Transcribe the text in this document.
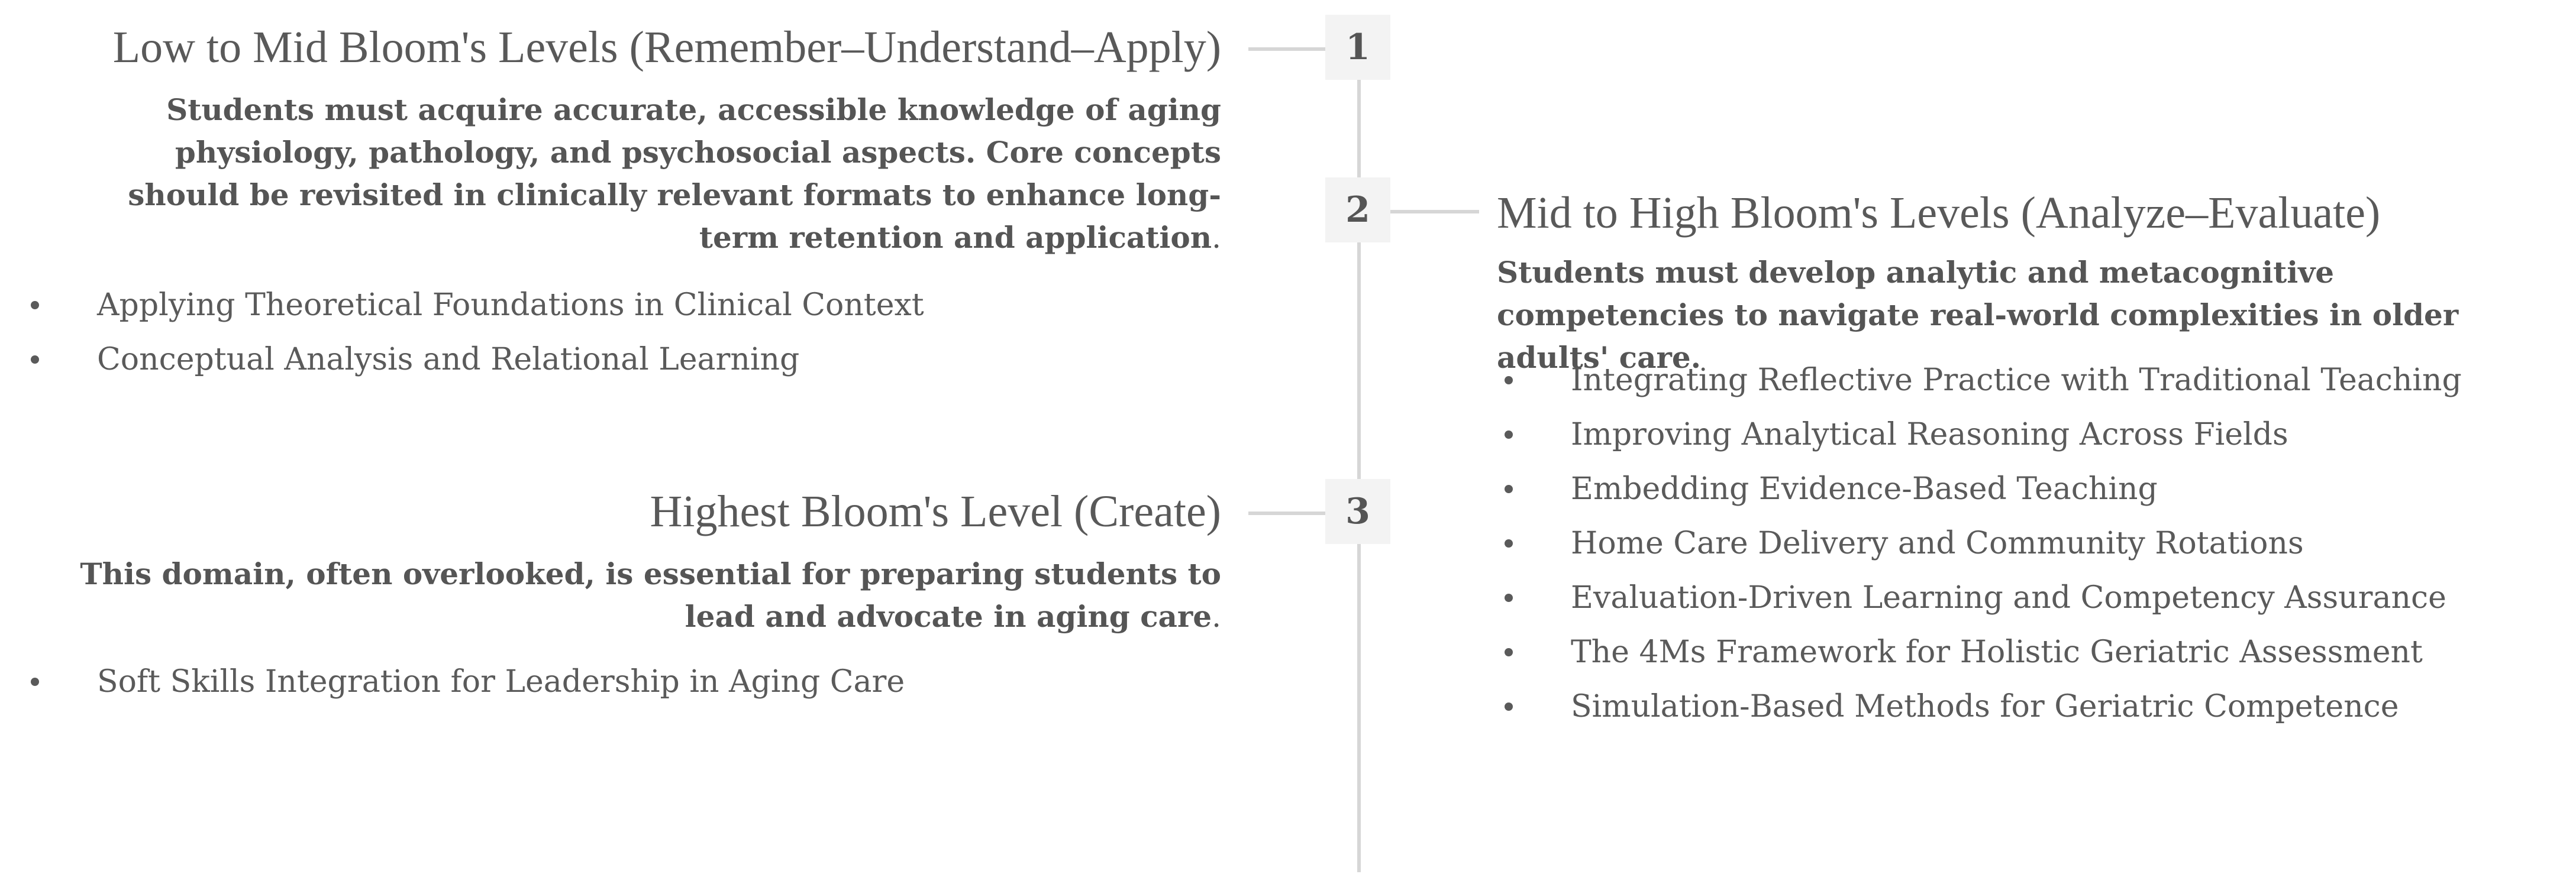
1
Low to Mid Bloom's Levels (Remember–Understand–Apply)
Students must acquire accurate, accessible knowledge of aging physiology, pathology, and psychosocial aspects. Core concepts should be revisited in clinically relevant formats to enhance long-term retention and application.
Applying Theoretical Foundations in Clinical Context
Conceptual Analysis and Relational Learning
2	Mid to High Bloom's Levels (Analyze–Evaluate)
Students must develop analytic and metacognitive competencies to navigate real-world complexities in older adults' care.
Integrating Reflective Practice with Traditional Teaching
Improving Analytical Reasoning Across Fields
Embedding Evidence-Based Teaching
Home Care Delivery and Community Rotations
Evaluation-Driven Learning and Competency Assurance
The 4Ms Framework for Holistic Geriatric Assessment
Simulation-Based Methods for Geriatric Competence
3
Highest Bloom's Level (Create)
This domain, often overlooked, is essential for preparing students to lead and advocate in aging care.
Soft Skills Integration for Leadership in Aging Care
